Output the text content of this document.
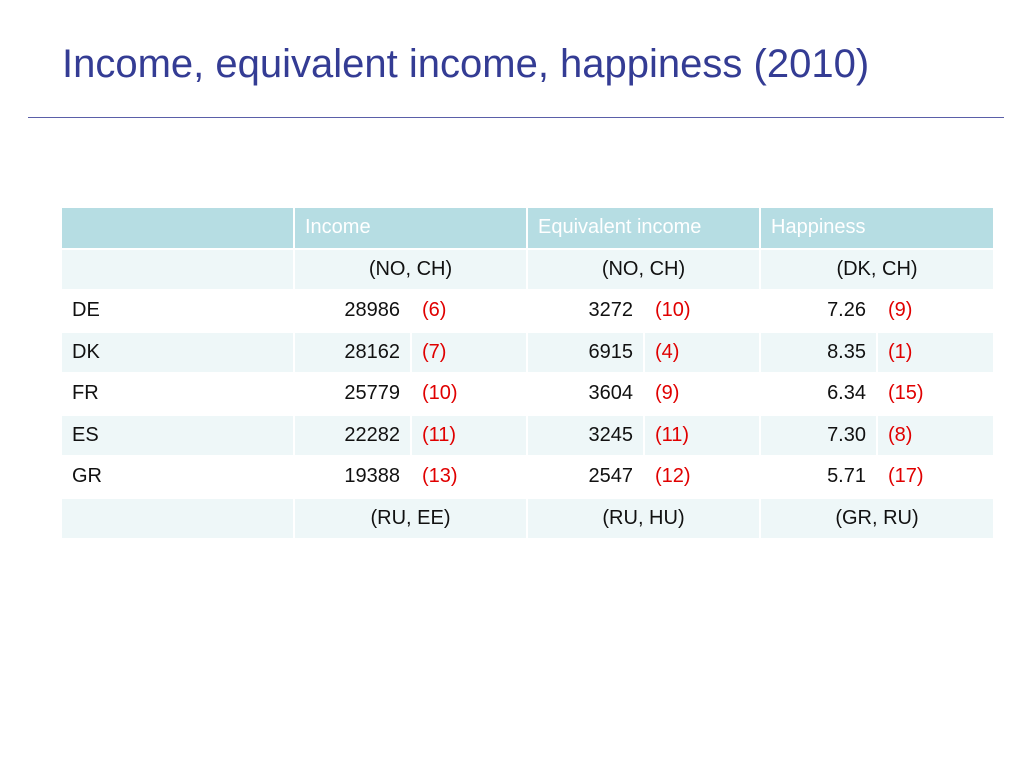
Income, equivalent income, happiness (2010)
	Income		Equivalent income		Happiness	
	(NO, CH)		(NO, CH)		(DK, CH)	
DE	28986	(6)	3272	(10)	7.26	(9)
DK	28162	(7)	6915	(4)	8.35	(1)
FR	25779	(10)	3604	(9)	6.34	(15)
ES	22282	(11)	3245	(11)	7.30	(8)
GR	19388	(13)	2547	(12)	5.71	(17)
	(RU, EE)		(RU, HU)		(GR, RU)	
